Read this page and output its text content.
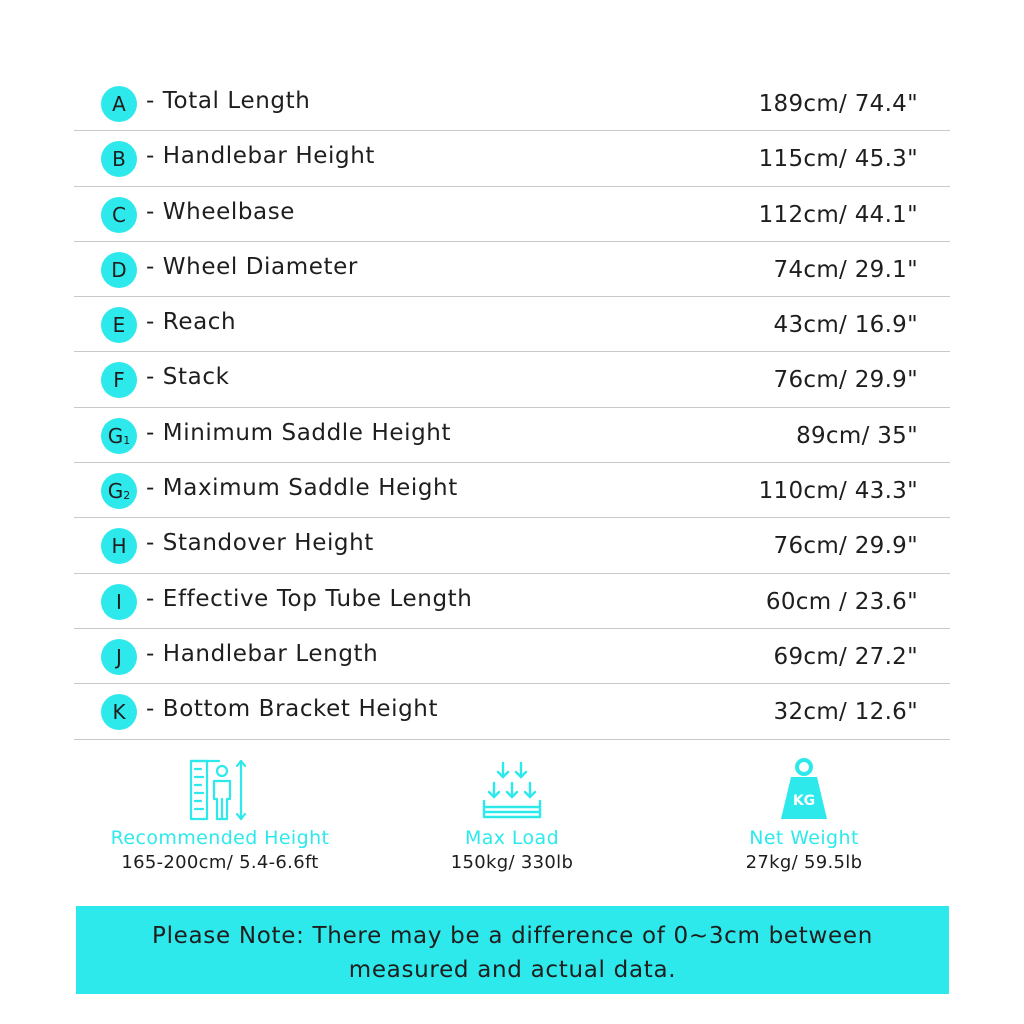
A - Total Length	189cm/ 74.4"
B - Handlebar Height	115cm/ 45.3"
C - Wheelbase	112cm/ 44.1"
D - Wheel Diameter	74cm/ 29.1"
E - Reach	43cm/ 16.9"
F - Stack	76cm/ 29.9"
$G_1$ - Minimum Saddle Height	89cm/ 35"
$G_2$ - Maximum Saddle Height	110cm/ 43.3"
H - Standover Height	76cm/ 29.9"
I	- Effective Top Tube Length	60cm / 23.6"
J	- Handlebar Length	69cm/ 27.2"
K - Bottom Bracket Height	32cm/ 12.6"
Recommended Height
165-200cm/ 5.4-6.6ft
Max Load
150kg/ 330lb
KG
Net Weight
27kg/ 59.5lb
Please Note: There may be a difference of 0~3cm between
measured and actual data.
